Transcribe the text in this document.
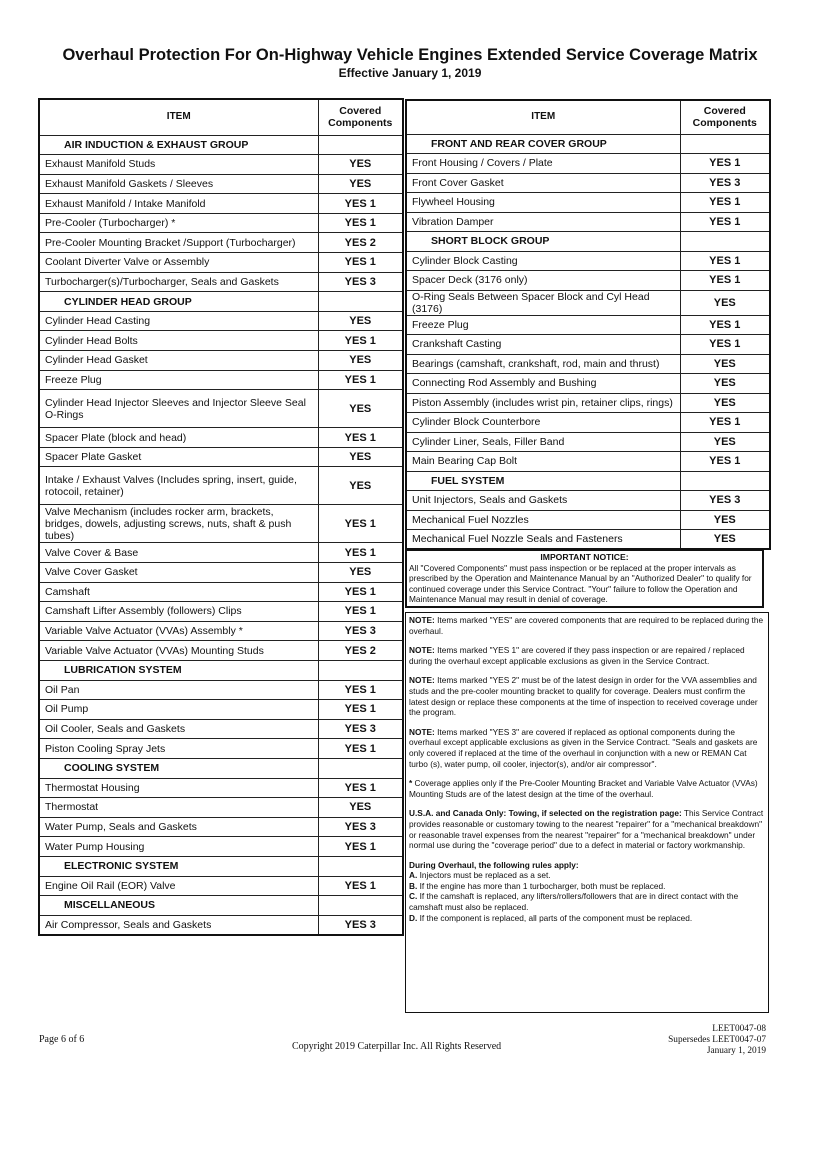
Overhaul Protection For On-Highway Vehicle Engines Extended Service Coverage Matrix
Effective January 1, 2019
ITEM	Covered
Components
AIR INDUCTION & EXHAUST GROUP	
Exhaust Manifold Studs	YES
Exhaust Manifold Gaskets / Sleeves	YES
Exhaust Manifold / Intake Manifold	YES 1
Pre-Cooler (Turbocharger) *	YES 1
Pre-Cooler Mounting Bracket /Support (Turbocharger)	YES 2
Coolant Diverter Valve or Assembly	YES 1
Turbocharger(s)/Turbocharger, Seals and Gaskets	YES 3
CYLINDER HEAD GROUP	
Cylinder Head Casting	YES
Cylinder Head Bolts	YES 1
Cylinder Head Gasket	YES
Freeze Plug	YES 1
Cylinder Head Injector Sleeves and Injector Sleeve Seal O-Rings	YES
Spacer Plate (block and head)	YES 1
Spacer Plate Gasket	YES
Intake / Exhaust Valves (Includes spring, insert, guide, rotocoil, retainer)	YES
Valve Mechanism (includes rocker arm, brackets, bridges, dowels, adjusting screws, nuts, shaft & push tubes)	YES 1
Valve Cover & Base	YES 1
Valve Cover Gasket	YES
Camshaft	YES 1
Camshaft Lifter Assembly (followers) Clips	YES 1
Variable Valve Actuator (VVAs) Assembly *	YES 3
Variable Valve Actuator (VVAs) Mounting Studs	YES 2
LUBRICATION SYSTEM	
Oil Pan	YES 1
Oil Pump	YES 1
Oil Cooler, Seals and Gaskets	YES 3
Piston Cooling Spray Jets	YES 1
COOLING SYSTEM	
Thermostat Housing	YES 1
Thermostat	YES
Water Pump, Seals and Gaskets	YES 3
Water Pump Housing	YES 1
ELECTRONIC SYSTEM	
Engine Oil Rail (EOR) Valve	YES 1
MISCELLANEOUS	
Air Compressor, Seals and Gaskets	YES 3
ITEM	Covered
Components
FRONT AND REAR COVER GROUP	
Front Housing / Covers / Plate	YES 1
Front Cover Gasket	YES 3
Flywheel Housing	YES 1
Vibration Damper	YES 1
SHORT BLOCK GROUP	
Cylinder Block Casting	YES 1
Spacer Deck (3176 only)	YES 1
O-Ring Seals Between Spacer Block and Cyl Head (3176)	YES
Freeze Plug	YES 1
Crankshaft Casting	YES 1
Bearings (camshaft, crankshaft, rod, main and thrust)	YES
Connecting Rod Assembly and Bushing	YES
Piston Assembly (includes wrist pin, retainer clips, rings)	YES
Cylinder Block Counterbore	YES 1
Cylinder Liner, Seals, Filler Band	YES
Main Bearing Cap Bolt	YES 1
FUEL SYSTEM	
Unit Injectors, Seals and Gaskets	YES 3
Mechanical Fuel Nozzles	YES
Mechanical Fuel Nozzle Seals and Fasteners	YES
IMPORTANT NOTICE:
All "Covered Components" must pass inspection or be replaced at the proper intervals as prescribed by the Operation and Maintenance Manual by an "Authorized Dealer" to qualify for continued coverage under this Service Contract. "Your" failure to follow the Operation and Maintenance Manual may result in denial of coverage.
NOTE: Items marked "YES" are covered components that are required to be replaced during the overhaul.
NOTE: Items marked "YES 1" are covered if they pass inspection or are repaired / replaced during the overhaul except applicable exclusions as given in the Service Contract.
NOTE: Items marked "YES 2" must be of the latest design in order for the VVA assemblies and studs and the pre-cooler mounting bracket to qualify for coverage. Dealers must confirm the latest design or replace these components at the time of inspection to received coverage under the program.
NOTE: Items marked "YES 3" are covered if replaced as optional components during the overhaul except applicable exclusions as given in the Service Contract. "Seals and gaskets are only covered if replaced at the time of the overhaul in conjunction with a new or REMAN Cat turbo (s), water pump, oil cooler, injector(s), and/or air compressor".
* Coverage applies only if the Pre-Cooler Mounting Bracket and Variable Valve Actuator (VVAs) Mounting Studs are of the latest design at the time of the overhaul.
U.S.A. and Canada Only: Towing, if selected on the registration page: This Service Contract provides reasonable or customary towing to the nearest "repairer" for a "mechanical breakdown" or reasonable travel expenses from the nearest "repairer" for a "mechanical breakdown" under normal use during the "coverage period" due to a defect in material or factory workmanship.
During Overhaul, the following rules apply:
A. Injectors must be replaced as a set.
B. If the engine has more than 1 turbocharger, both must be replaced.
C. If the camshaft is replaced, any lifters/rollers/followers that are in direct contact with the camshaft must also be replaced.
D. If the component is replaced, all parts of the component must be replaced.
Page 6 of 6
Copyright 2019 Caterpillar Inc. All Rights Reserved
LEET0047-08
Supersedes LEET0047-07
January 1, 2019
